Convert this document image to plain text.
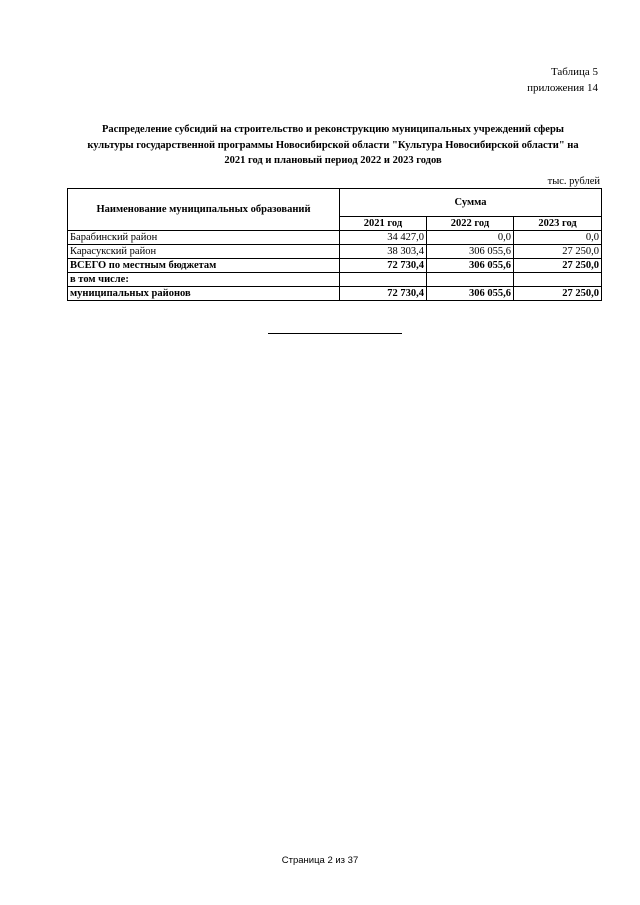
Таблица 5
приложения 14
Распределение субсидий на строительство и реконструкцию муниципальных учреждений сферы
культуры государственной программы Новосибирской области "Культура Новосибирской области" на
2021 год и плановый период 2022 и 2023 годов
тыс. рублей
Наименование муниципальных образований	Сумма		
	2021 год	2022 год	2023 год
Барабинский район	34 427,0	0,0	0,0
Карасукский район	38 303,4	306 055,6	27 250,0
ВСЕГО по местным бюджетам	72 730,4	306 055,6	27 250,0
в том числе:			
муниципальных районов	72 730,4	306 055,6	27 250,0
Страница 2 из 37
